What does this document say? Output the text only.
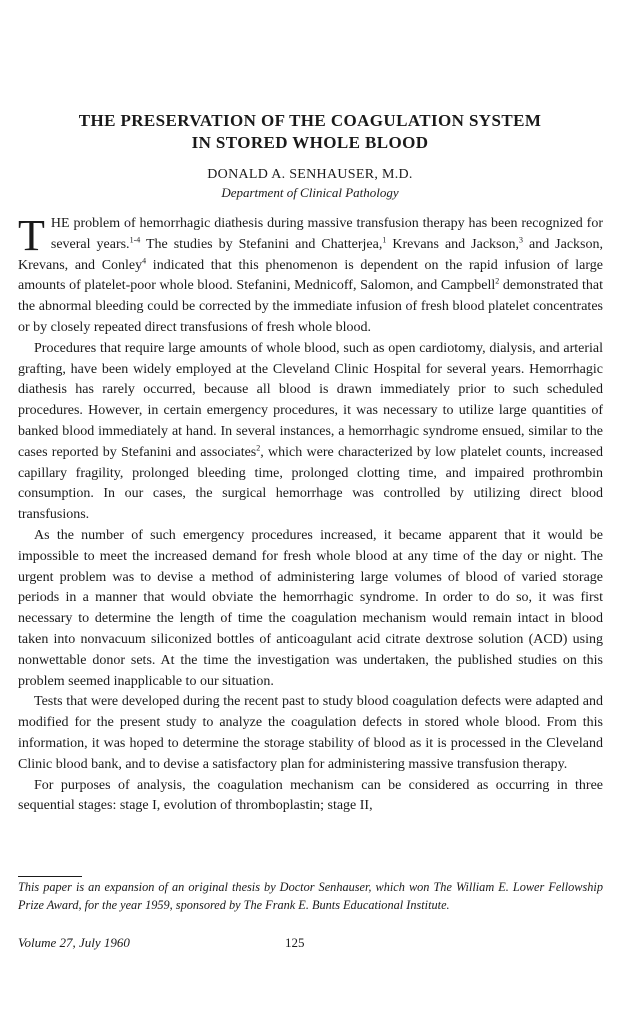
THE PRESERVATION OF THE COAGULATION SYSTEM
IN STORED WHOLE BLOOD
DONALD A. SENHAUSER, M.D.
Department of Clinical Pathology

THE problem of hemorrhagic diathesis during massive transfusion therapy has been recognized for several years.$^{1-4}$ The studies by Stefanini and Chatterjea,$^1$ Krevans and Jackson,$^3$ and Jackson, Krevans, and Conley$^4$ indicated that this phenomenon is dependent on the rapid infusion of large amounts of platelet-poor whole blood. Stefanini, Mednicoff, Salomon, and Campbell$^2$ demonstrated that the abnormal bleeding could be corrected by the immediate infusion of fresh blood platelet concentrates or by closely repeated direct transfusions of fresh whole blood.

Procedures that require large amounts of whole blood, such as open cardiotomy, dialysis, and arterial grafting, have been widely employed at the Cleveland Clinic Hospital for several years. Hemorrhagic diathesis has rarely occurred, because all blood is drawn immediately prior to such scheduled procedures. However, in certain emergency procedures, it was necessary to utilize large quantities of banked blood immediately at hand. In several instances, a hemorrhagic syndrome ensued, similar to the cases reported by Stefanini and associates$^2$, which were characterized by low platelet counts, increased capillary fragility, prolonged bleeding time, prolonged clotting time, and impaired prothrombin consumption. In our cases, the surgical hemorrhage was controlled by utilizing direct blood transfusions.

As the number of such emergency procedures increased, it became apparent that it would be impossible to meet the increased demand for fresh whole blood at any time of the day or night. The urgent problem was to devise a method of administering large volumes of blood of varied storage periods in a manner that would obviate the hemorrhagic syndrome. In order to do so, it was first necessary to determine the length of time the coagulation mechanism would remain intact in blood taken into nonvacuum siliconized bottles of anticoagulant acid citrate dextrose solution (ACD) using nonwettable donor sets. At the time the investigation was undertaken, the published studies on this problem seemed inapplicable to our situation.

Tests that were developed during the recent past to study blood coagulation defects were adapted and modified for the present study to analyze the coagulation defects in stored whole blood. From this information, it was hoped to determine the storage stability of blood as it is processed in the Cleveland Clinic blood bank, and to devise a satisfactory plan for administering massive transfusion therapy.

For purposes of analysis, the coagulation mechanism can be considered as occurring in three sequential stages: stage I, evolution of thromboplastin; stage II,

This paper is an expansion of an original thesis by Doctor Senhauser, which won The William E. Lower Fellowship Prize Award, for the year 1959, sponsored by The Frank E. Bunts Educational Institute.
Volume 27, July 1960	125
